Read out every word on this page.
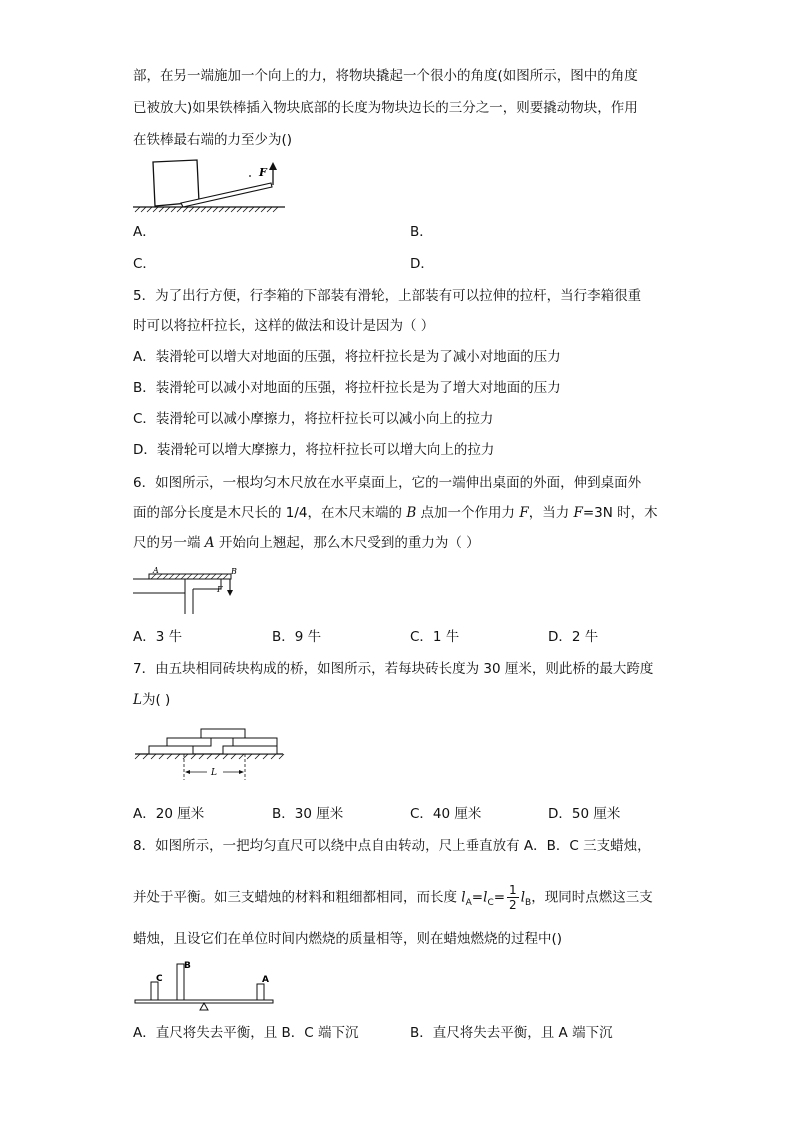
部，在另一端施加一个向上的力，将物块撬起一个很小的角度(如图所示，图中的角度
已被放大)如果铁棒插入物块底部的长度为物块边长的三分之一，则要撬动物块，作用
在铁棒最右端的力至少为()
F
A．	B．
C．	D．
5．为了出行方便，行李箱的下部装有滑轮，上部装有可以拉伸的拉杆，当行李箱很重
时可以将拉杆拉长，这样的做法和设计是因为（ ）
A．装滑轮可以增大对地面的压强，将拉杆拉长是为了减小对地面的压力
B．装滑轮可以减小对地面的压强，将拉杆拉长是为了增大对地面的压力
C．装滑轮可以减小摩擦力，将拉杆拉长可以减小向上的拉力
D．装滑轮可以增大摩擦力，将拉杆拉长可以增大向上的拉力
6．如图所示，一根均匀木尺放在水平桌面上，它的一端伸出桌面的外面，伸到桌面外
面的部分长度是木尺长的 1/4，在木尺末端的 B 点加一个作用力 F，当力 F=3N 时，木
尺的另一端 A 开始向上翘起，那么木尺受到的重力为（ ）
A	B
F
A．3 牛	B．9 牛	C．1 牛	D．2 牛
7．由五块相同砖块构成的桥，如图所示，若每块砖长度为 30 厘米，则此桥的最大跨度
L为( )
L
A．20 厘米	B．30 厘米	C．40 厘米	D．50 厘米
8．如图所示，一把均匀直尺可以绕中点自由转动，尺上垂直放有 A．B．C 三支蜡烛，
并处于平衡。如三支蜡烛的材料和粗细都相同，而长度 $l_A=l_C= \frac{1}{2} l_B$，现同时点燃这三支
蜡烛，且设它们在单位时间内燃烧的质量相等，则在蜡烛燃烧的过程中()
C
B
A
A．直尺将失去平衡，且 B．C 端下沉	B．直尺将失去平衡，且 A 端下沉
